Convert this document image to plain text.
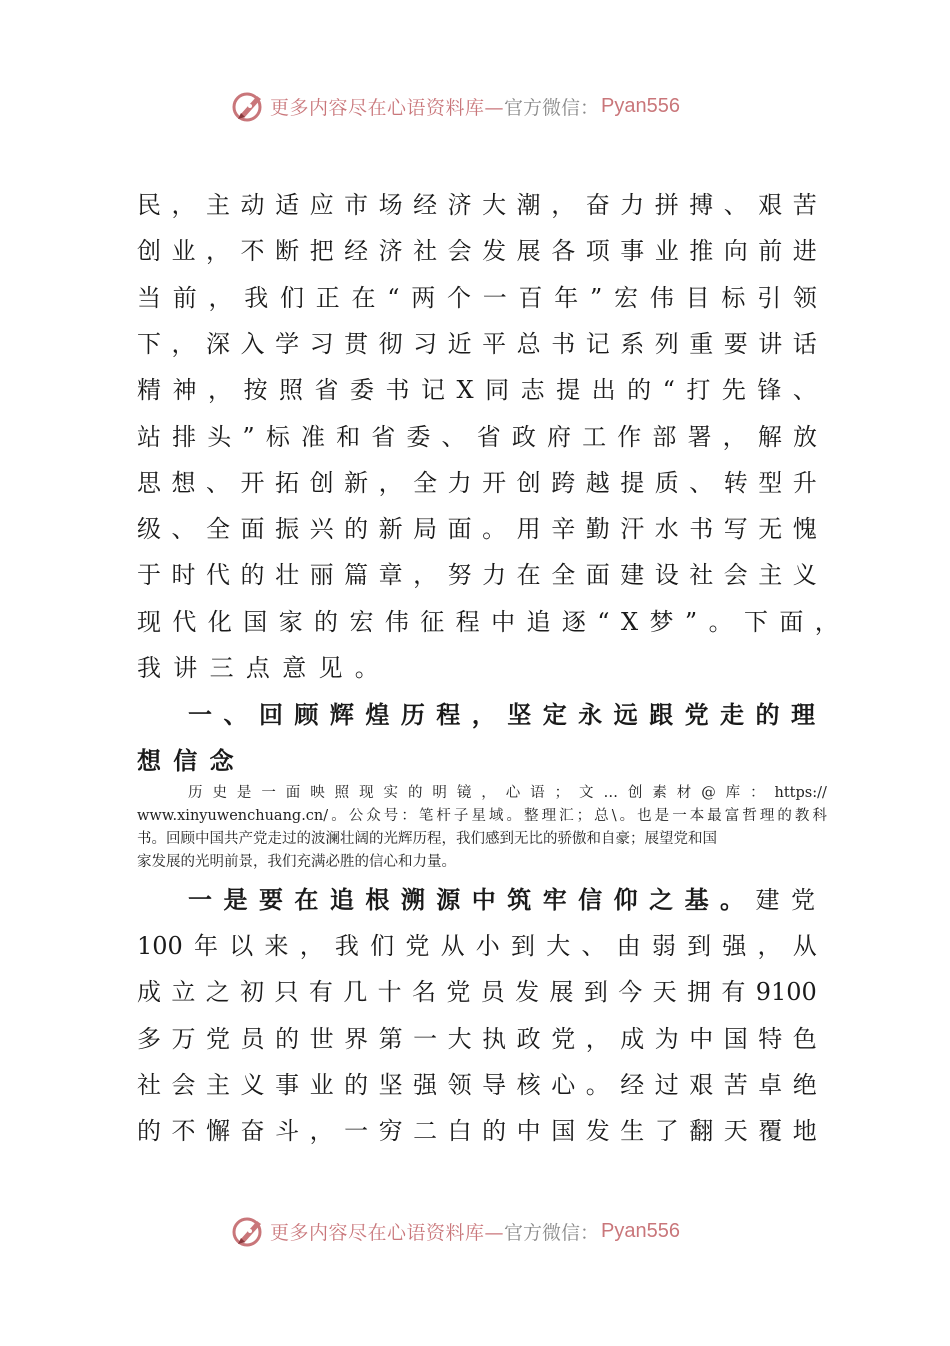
更多内容尽在心语资料库— 官方微信： Pyan556
民 ， 主 动 适 应 市 场 经 济 大 潮 ， 奋 力 拼 搏 、 艰 苦
创 业 ， 不 断 把 经 济 社 会 发 展 各 项 事 业 推 向 前 进
当 前 ， 我 们 正 在 “ 两 个 一 百 年 ” 宏 伟 目 标 引 领
下 ， 深 入 学 习 贯 彻 习 近 平 总 书 记 系 列 重 要 讲 话
精 神 ， 按 照 省 委 书 记 X 同 志 提 出 的 “ 打 先 锋 、
站 排 头 ” 标 准 和 省 委 、 省 政 府 工 作 部 署 ， 解 放
思 想 、 开 拓 创 新 ， 全 力 开 创 跨 越 提 质 、 转 型 升
级 、 全 面 振 兴 的 新 局 面 。 用 辛 勤 汗 水 书 写 无 愧
于 时 代 的 壮 丽 篇 章 ， 努 力 在 全 面 建 设 社 会 主 义
现 代 化 国 家 的 宏 伟 征 程 中 追 逐 “ X 梦 ” 。 下 面 ，
我 讲 三 点 意 见 。
一 、 回 顾 辉 煌 历 程 ， 坚 定 永 远 跟 党 走 的 理
想 信 念
历 史 是 一 面 映 照 现 实 的 明 镜 ， 心 语 ； 文 … 创 素 材 @ 库 ： https://
www.xinyuwenchuang.cn/ 。 公 众 号 ： 笔 杆 子 星 域 。 整 理 汇 ； 总 \ 。 也 是 一 本 最 富 哲 理 的 教 科
书。回顾中国共产党走过的波澜壮阔的光辉历程，我们感到无比的骄傲和自豪；展望党和国
家发展的光明前景，我们充满必胜的信心和力量。
一 是 要 在 追 根 溯 源 中 筑 牢 信 仰 之 基 。 建 党
100 年 以 来 ， 我 们 党 从 小 到 大 、 由 弱 到 强 ， 从
成 立 之 初 只 有 几 十 名 党 员 发 展 到 今 天 拥 有 9100
多 万 党 员 的 世 界 第 一 大 执 政 党 ， 成 为 中 国 特 色
社 会 主 义 事 业 的 坚 强 领 导 核 心 。 经 过 艰 苦 卓 绝
的 不 懈 奋 斗 ， 一 穷 二 白 的 中 国 发 生 了 翻 天 覆 地
更多内容尽在心语资料库— 官方微信： Pyan556
